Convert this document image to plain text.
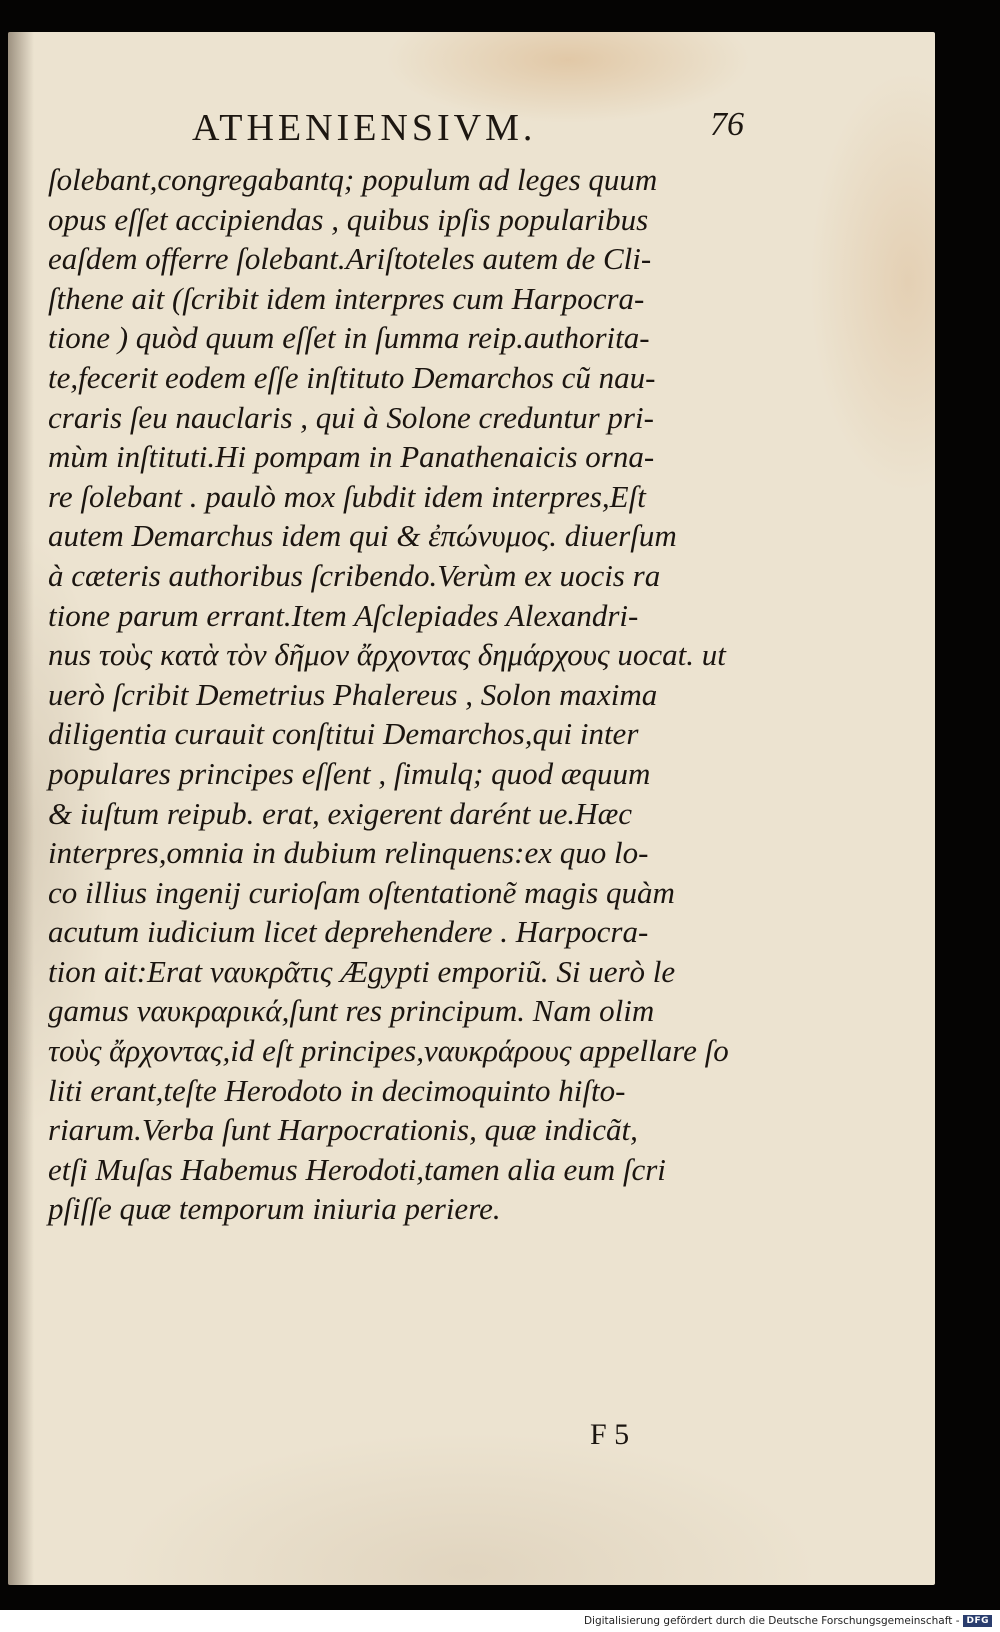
ATHENIENSIVM.	76
ſolebant,congregabantq; populum ad leges quum
opus eſſet accipiendas , quibus ipſis popularibus
eaſdem offerre ſolebant.Ariſtoteles autem de Cli-
ſthene ait (ſcribit idem interpres cum Harpocra-
tione ) quòd quum eſſet in ſumma reip.authorita-
te,fecerit eodem eſſe inſtituto Demarchos cũ nau-
craris ſeu nauclaris , qui à Solone creduntur pri-
mùm inſtituti.Hi pompam in Panathenaicis orna-
re ſolebant . paulò mox ſubdit idem interpres,Eſt
autem Demarchus idem qui & ἐπώνυμος. diuerſum
à cæteris authoribus ſcribendo.Verùm ex uocis ra
tione parum errant.Item Aſclepiades Alexandri-
nus τοὺς κατὰ τὸν δῆμον ἄρχοντας δημάρχους uocat. ut
uerò ſcribit Demetrius Phalereus , Solon maxima
diligentia curauit conſtitui Demarchos,qui inter
populares principes eſſent , ſimulq; quod æquum
& iuſtum reipub. erat, exigerent darént ue.Hæc
interpres,omnia in dubium relinquens:ex quo lo-
co illius ingenij curioſam oſtentationẽ magis quàm
acutum iudicium licet deprehendere . Harpocra-
tion ait:Erat ναυκρᾶτις Ægypti emporiũ. Si uerò le
gamus ναυκραρικά,ſunt res principum. Nam olim
τοὺς ἄρχοντας,id eſt principes,ναυκράρους appellare ſo
liti erant,teſte Herodoto in decimoquinto hiſto-
riarum.Verba ſunt Harpocrationis, quæ indicãt,
etſi Muſas Habemus Herodoti,tamen alia eum ſcri
pſiſſe quæ temporum iniuria periere.
F 5
Digitalisierung gefördert durch die Deutsche Forschungsgemeinschaft - DFG
